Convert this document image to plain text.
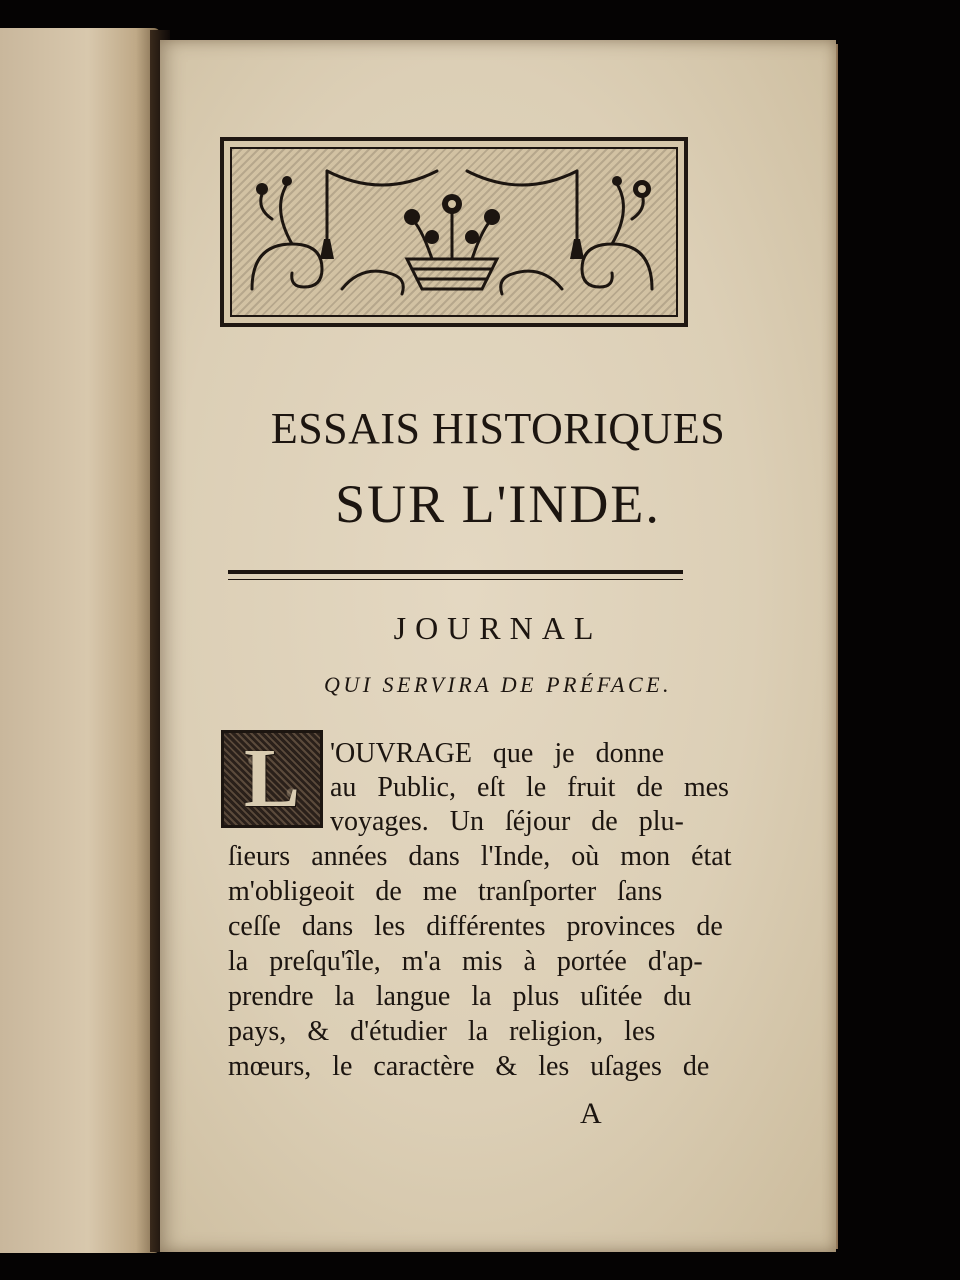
ESSAIS HISTORIQUES
SUR L'INDE.
JOURNAL
QUI SERVIRA DE PRÉFACE.
L 'OUVRAGE que je donne

au Public, eſt le fruit de mes

voyages. Un ſéjour de plu-

ſieurs années dans l'Inde, où mon état

m'obligeoit de me tranſporter ſans

ceſſe dans les différentes provinces de

la preſqu'île, m'a mis à portée d'ap-

prendre la langue la plus uſitée du

pays, & d'étudier la religion, les

mœurs, le caractère & les uſages de

A
